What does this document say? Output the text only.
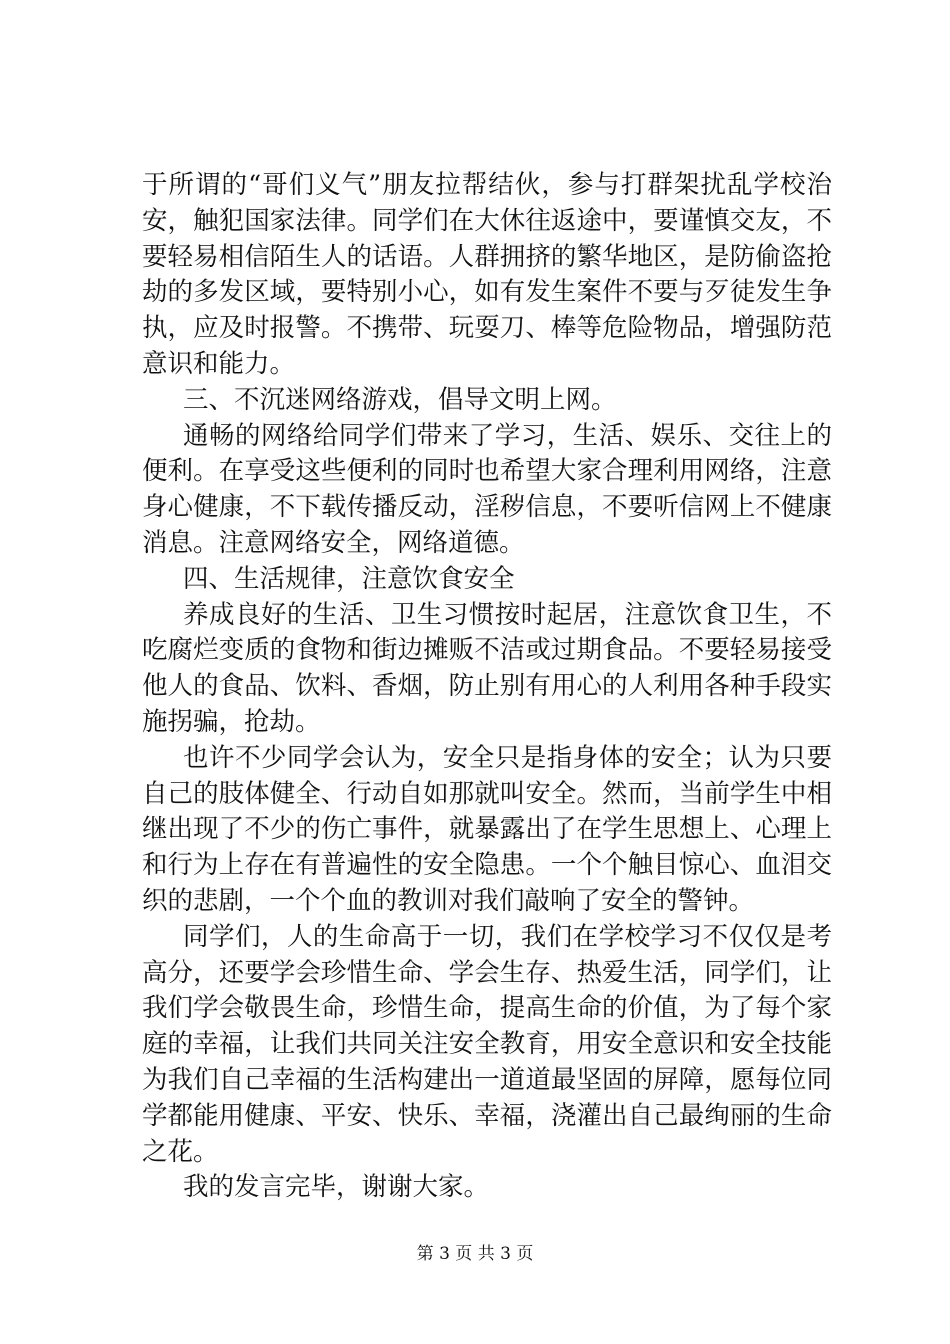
于所谓的“哥们义气”朋友拉帮结伙，参与打群架扰乱学校治
安，触犯国家法律。同学们在大休往返途中，要谨慎交友，不
要轻易相信陌生人的话语。人群拥挤的繁华地区，是防偷盗抢
劫的多发区域，要特别小心，如有发生案件不要与歹徒发生争
执，应及时报警。不携带、玩耍刀、棒等危险物品，增强防范
意识和能力。
三、不沉迷网络游戏，倡导文明上网。
通畅的网络给同学们带来了学习，生活、娱乐、交往上的
便利。在享受这些便利的同时也希望大家合理利用网络，注意
身心健康，不下载传播反动，淫秽信息，不要听信网上不健康
消息。注意网络安全，网络道德。
四、生活规律，注意饮食安全
养成良好的生活、卫生习惯按时起居，注意饮食卫生，不
吃腐烂变质的食物和街边摊贩不洁或过期食品。不要轻易接受
他人的食品、饮料、香烟，防止别有用心的人利用各种手段实
施拐骗，抢劫。
也许不少同学会认为，安全只是指身体的安全；认为只要
自己的肢体健全、行动自如那就叫安全。然而，当前学生中相
继出现了不少的伤亡事件，就暴露出了在学生思想上、心理上
和行为上存在有普遍性的安全隐患。一个个触目惊心、血泪交
织的悲剧，一个个血的教训对我们敲响了安全的警钟。
同学们，人的生命高于一切，我们在学校学习不仅仅是考
高分，还要学会珍惜生命、学会生存、热爱生活，同学们，让
我们学会敬畏生命，珍惜生命，提高生命的价值，为了每个家
庭的幸福，让我们共同关注安全教育，用安全意识和安全技能
为我们自己幸福的生活构建出一道道最坚固的屏障，愿每位同
学都能用健康、平安、快乐、幸福，浇灌出自己最绚丽的生命
之花。
我的发言完毕，谢谢大家。
第 3 页 共 3 页
